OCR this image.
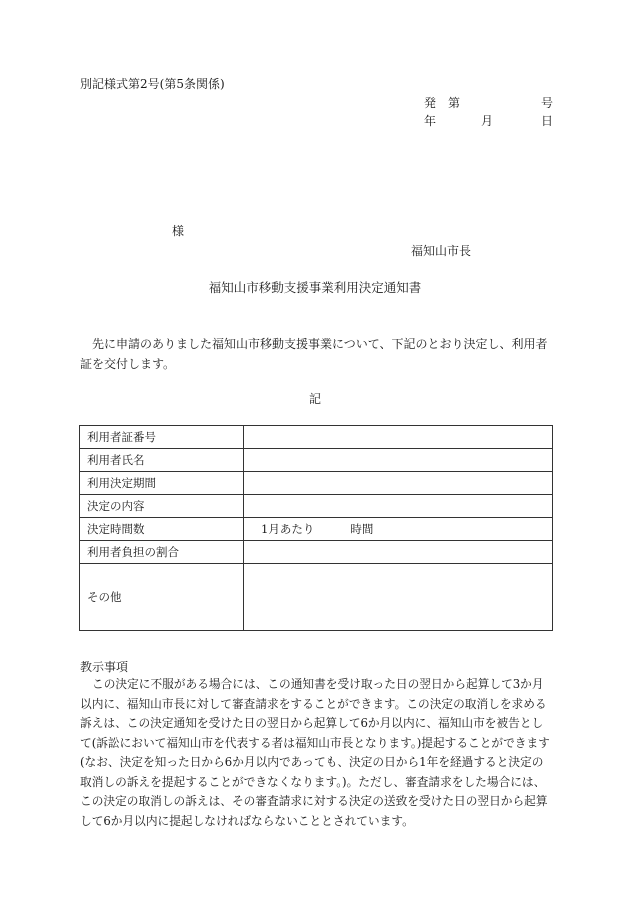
別記様式第2号(第5条関係)
発 第	号
年	月	日
様
福知山市長
福知山市移動支援事業利用決定通知書
先に申請のありました福知山市移動支援事業について、下記のとおり決定し、利用者証を交付します。
記
利用者証番号	
利用者氏名	
利用決定期間	
決定の内容	
決定時間数	1月あたり 時間
利用者負担の割合	
その他	
教示事項
この決定に不服がある場合には、この通知書を受け取った日の翌日から起算して3か月以内に、福知山市長に対して審査請求をすることができます。この決定の取消しを求める訴えは、この決定通知を受けた日の翌日から起算して6か月以内に、福知山市を被告として(訴訟において福知山市を代表する者は福知山市長となります。)提起することができます(なお、決定を知った日から6か月以内であっても、決定の日から1年を経過すると決定の取消しの訴えを提起することができなくなります。)。ただし、審査請求をした場合には、この決定の取消しの訴えは、その審査請求に対する決定の送致を受けた日の翌日から起算して6か月以内に提起しなければならないこととされています。
